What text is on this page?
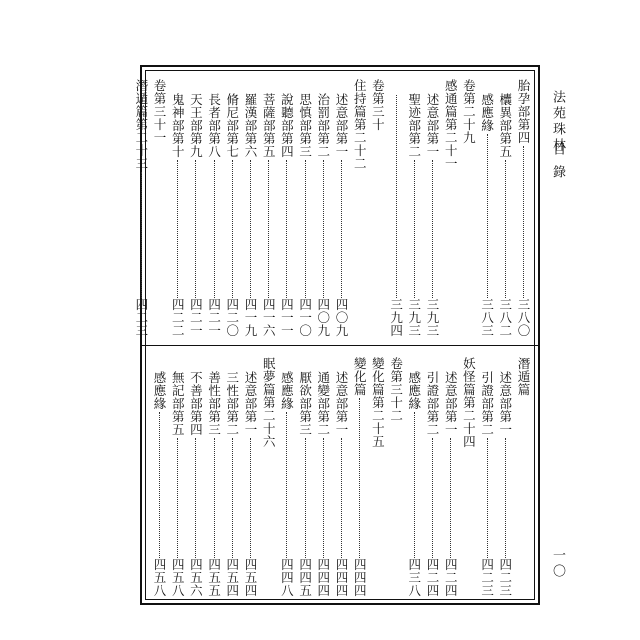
胎孕部第四
三八〇
欜異部第五
三八二
感應緣
三八三
卷第二十九
感通篇第二十一
述意部第一
三九三
聖迹部第二
三九三
三九四
卷第三十
住持篇第二十二
述意部第一
四〇九
治罰部第二
四〇九
思慎部第三
四一〇
說聽部第四
四一一
菩薩部第五
四一六
羅漢部第六
四一九
脩尼部第七
四二〇
長者部第八
四二一
天王部第九
四二一
鬼神部第十
四二二
卷第三十一
潛遁篇第二十三
四二三
潛遁篇
述意部第一
四二三
引證部第二
四二三
妖怪篇第二十四
述意部第一
四二四
引證部第二
四二四
感應緣
四三八
卷第三十二
變化篇第二十五
變化篇
四四四
述意部第一
四四四
通變部第二
四四四
厭欲部第三
四四五
感應緣
四四八
眠夢篇第二十六
述意部第一
四五四
三性部第二
四五四
善性部第三
四五五
不善部第四
四五六
無記部第五
四五八
感應緣
四五八
法苑珠林
目錄
一〇
